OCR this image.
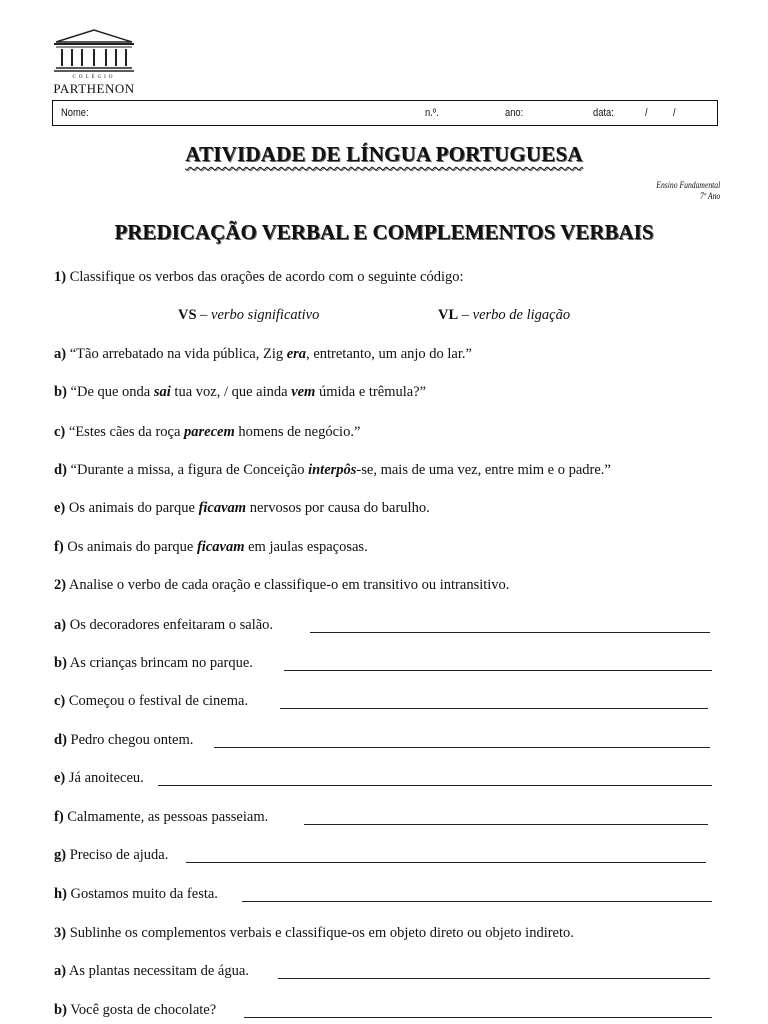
COLÉGIO
PARTHENON
Nome:	n.º.	ano:	data:	/ /
ATIVIDADE DE LÍNGUA PORTUGUESA
Ensino Fundamental
7º Ano
PREDICAÇÃO VERBAL E COMPLEMENTOS VERBAIS
1) Classifique os verbos das orações de acordo com o seguinte código:
VS – verbo significativo	VL – verbo de ligação
a) “Tão arrebatado na vida pública, Zig era, entretanto, um anjo do lar.”
b) “De que onda sai tua voz, / que ainda vem úmida e trêmula?”
c) “Estes cães da roça parecem homens de negócio.”
d) “Durante a missa, a figura de Conceição interpôs-se, mais de uma vez, entre mim e o padre.”
e) Os animais do parque ficavam nervosos por causa do barulho.
f) Os animais do parque ficavam em jaulas espaçosas.
2) Analise o verbo de cada oração e classifique-o em transitivo ou intransitivo.
a) Os decoradores enfeitaram o salão.
b) As crianças brincam no parque.
c) Começou o festival de cinema.
d) Pedro chegou ontem.
e) Já anoiteceu.
f) Calmamente, as pessoas passeiam.
g) Preciso de ajuda.
h) Gostamos muito da festa.
3) Sublinhe os complementos verbais e classifique-os em objeto direto ou objeto indireto.
a) As plantas necessitam de água.
b) Você gosta de chocolate?
